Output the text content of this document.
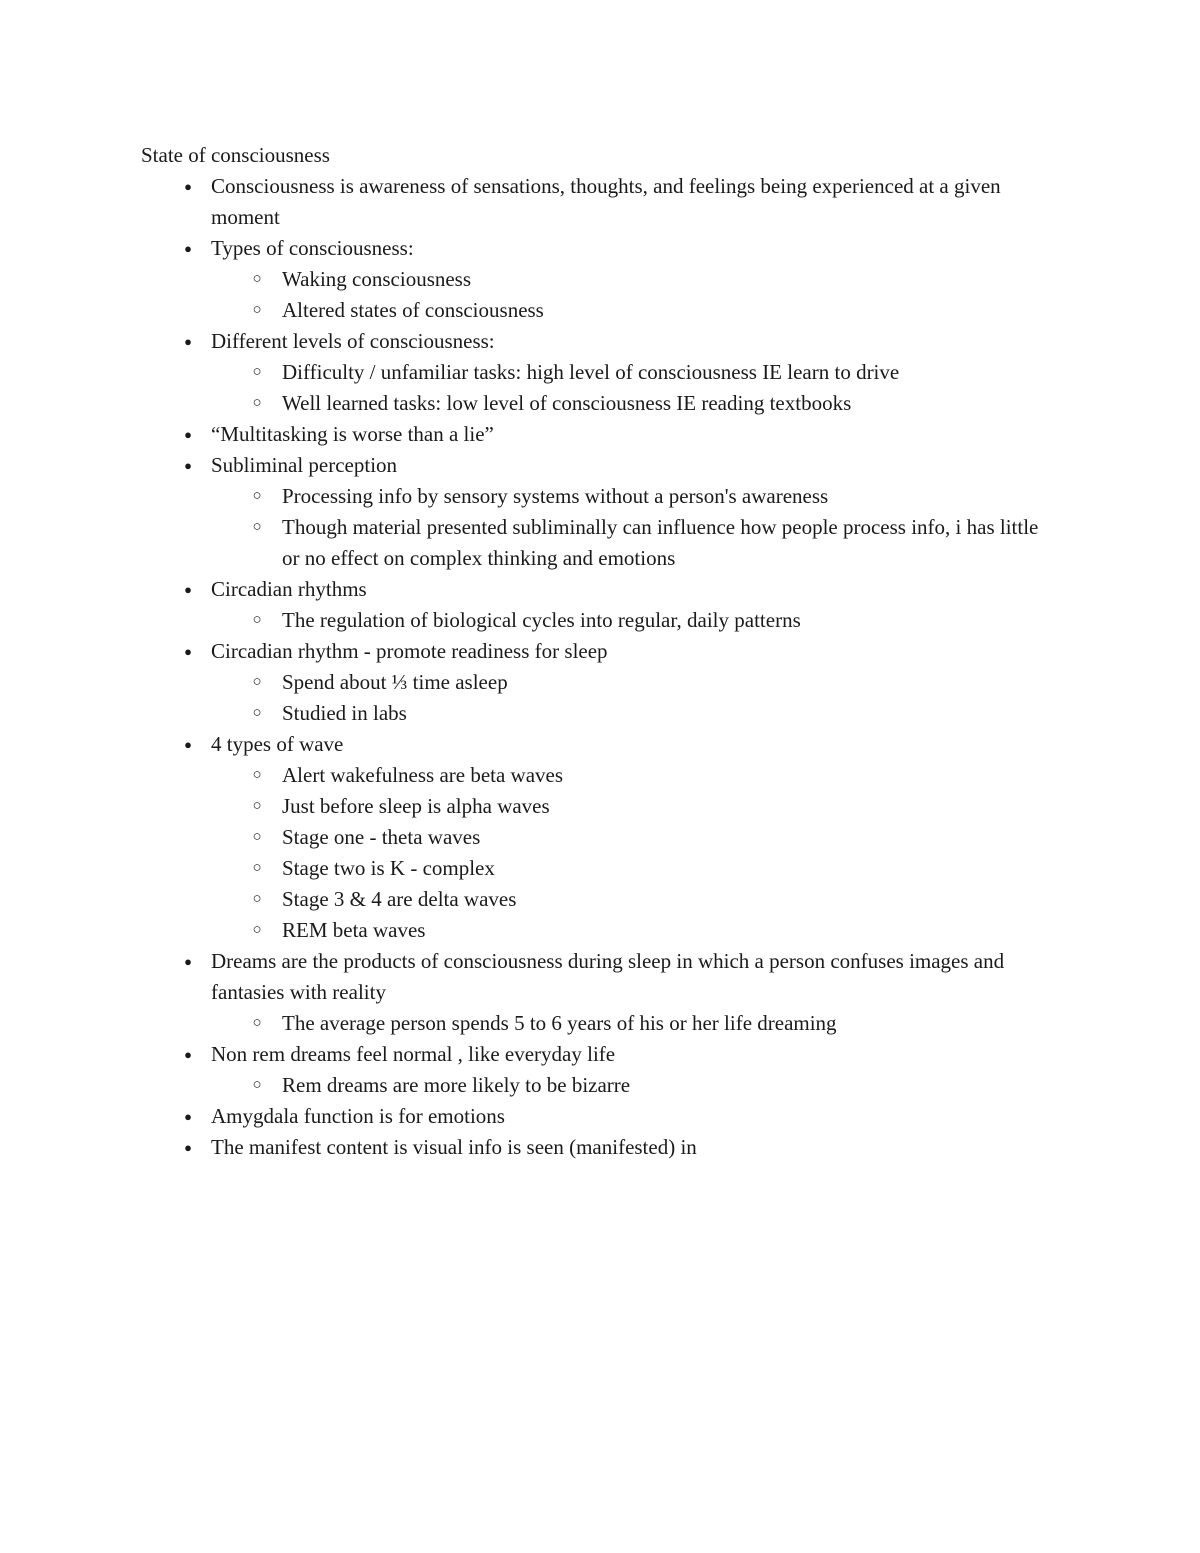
State of consciousness
● Consciousness is awareness of sensations, thoughts, and feelings being experienced at a given moment
● Types of consciousness:
○ Waking consciousness
○ Altered states of consciousness
● Different levels of consciousness:
○ Difficulty / unfamiliar tasks: high level of consciousness IE learn to drive
○ Well learned tasks: low level of consciousness IE reading textbooks
● “Multitasking is worse than a lie”
● Subliminal perception
○ Processing info by sensory systems without a person's awareness
○ Though material presented subliminally can influence how people process info, i has little or no effect on complex thinking and emotions
● Circadian rhythms
○ The regulation of biological cycles into regular, daily patterns
● Circadian rhythm - promote readiness for sleep
○ Spend about ⅓ time asleep
○ Studied in labs
● 4 types of wave
○ Alert wakefulness are beta waves
○ Just before sleep is alpha waves
○ Stage one - theta waves
○ Stage two is K - complex
○ Stage 3 & 4 are delta waves
○ REM beta waves
● Dreams are the products of consciousness during sleep in which a person confuses images and fantasies with reality
○ The average person spends 5 to 6 years of his or her life dreaming
● Non rem dreams feel normal , like everyday life
○ Rem dreams are more likely to be bizarre
● Amygdala function is for emotions
● The manifest content is visual info is seen (manifested) in
